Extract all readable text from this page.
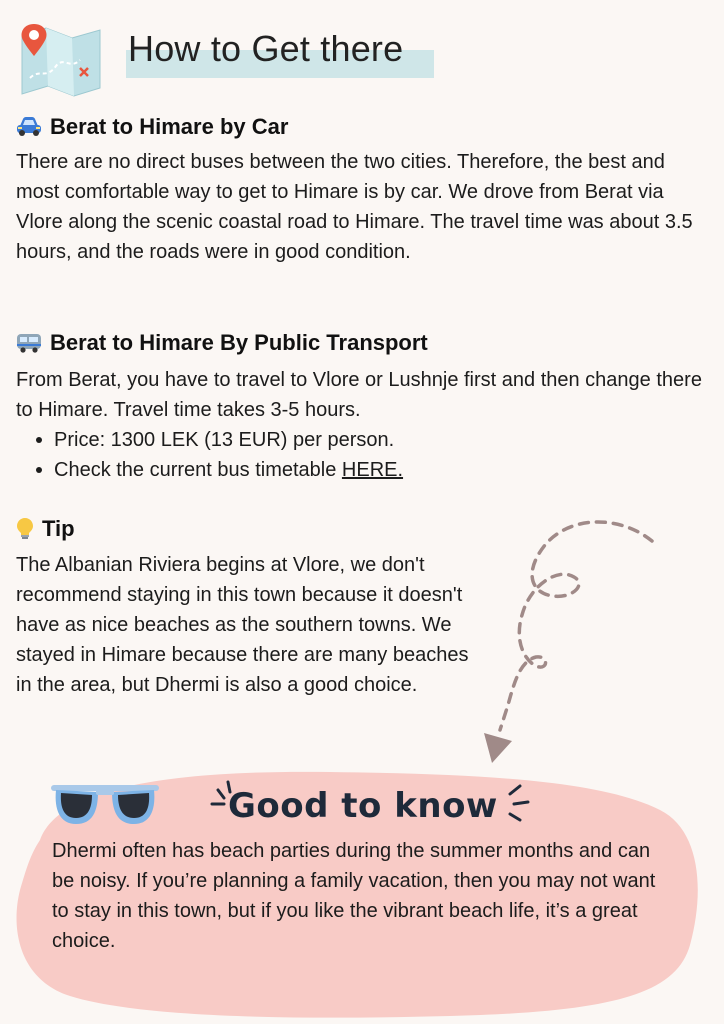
How to Get there
Berat to Himare by Car

There are no direct buses between the two cities. Therefore, the best and most comfortable way to get to Himare is by car. We drove from Berat via Vlore along the scenic coastal road to Himare. The travel time was about 3.5 hours, and the roads were in good condition.

Berat to Himare By Public Transport

From Berat, you have to travel to Vlore or Lushnje first and then change there to Himare. Travel time takes 3-5 hours.

Price: 1300 LEK (13 EUR) per person.
Check the current bus timetable HERE.
Tip

The Albanian Riviera begins at Vlore, we don't recommend staying in this town because it doesn't have as nice beaches as the southern towns. We stayed in Himare because there are many beaches in the area, but Dhermi is also a good choice.

Good to know

Dhermi often has beach parties during the summer months and can be noisy. If you’re planning a family vacation, then you may not want to stay in this town, but if you like the vibrant beach life, it’s a great choice.
